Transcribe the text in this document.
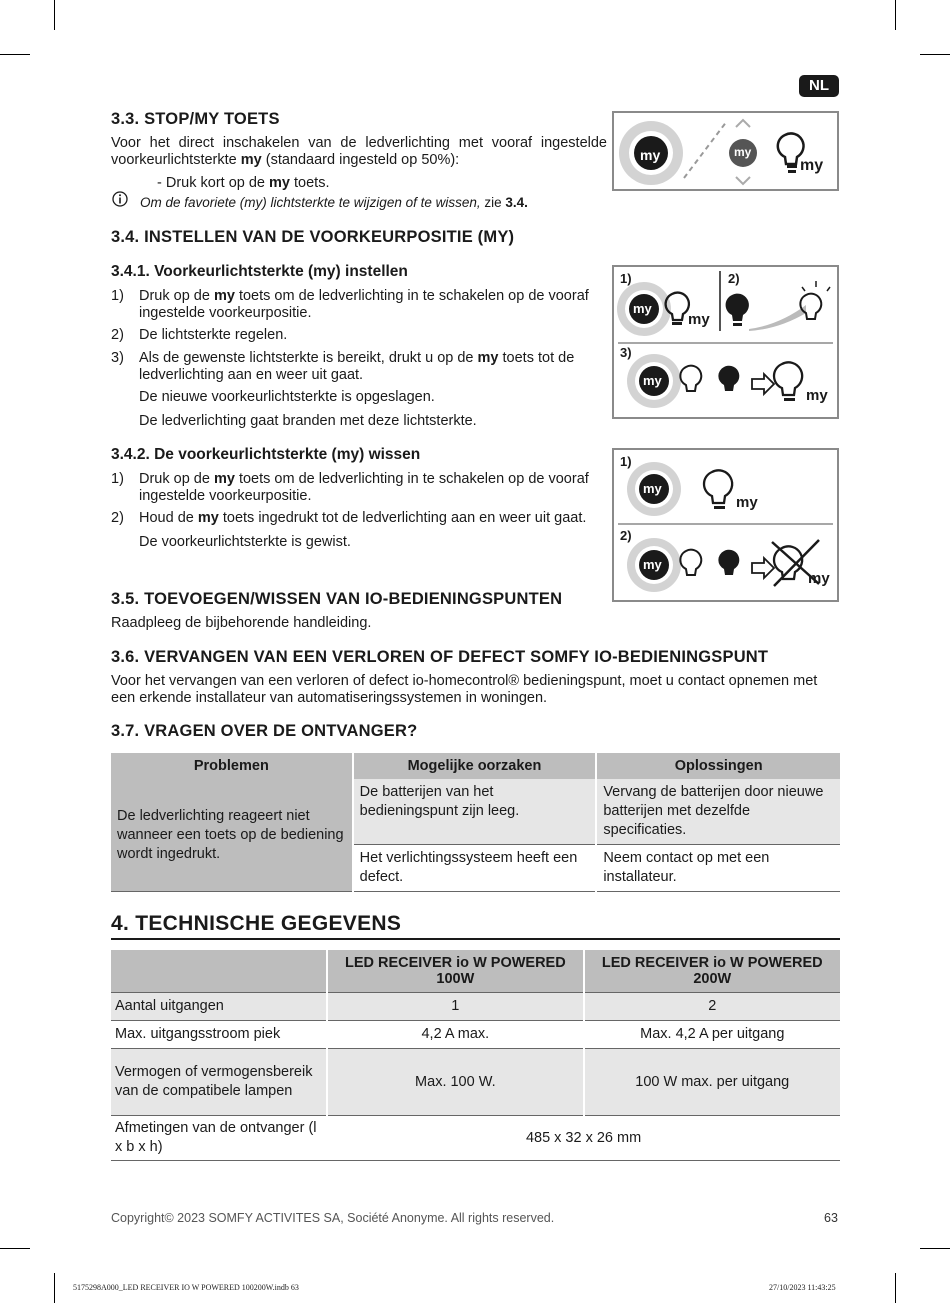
NL
3.3. STOP/MY TOETS
Voor het direct inschakelen van de ledverlichting met vooraf ingestelde voorkeurlichtsterkte my (standaard ingesteld op 50%):
- Druk kort op de my toets.
Om de favoriete (my) lichtsterkte te wijzigen of te wissen, zie 3.4.
my	my
my
3.4. INSTELLEN VAN DE VOORKEURPOSITIE (MY)
3.4.1. Voorkeurlichtsterkte (my) instellen
1) Druk op de my toets om de ledverlichting in te schakelen op de vooraf ingestelde voorkeurpositie.
2) De lichtsterkte regelen.
3) Als de gewenste lichtsterkte is bereikt, drukt u op de my toets tot de ledverlichting aan en weer uit gaat.
De nieuwe voorkeurlichtsterkte is opgeslagen.
De ledverlichting gaat branden met deze lichtsterkte.
1)	2)
3)
my
my
my
my
3.4.2. De voorkeurlichtsterkte (my) wissen
1) Druk op de my toets om de ledverlichting in te schakelen op de vooraf ingestelde voorkeurpositie.
2) Houd de my toets ingedrukt tot de ledverlichting aan en weer uit gaat.
De voorkeurlichtsterkte is gewist.
1)
2)
my
my
my
my
3.5. TOEVOEGEN/WISSEN VAN IO-BEDIENINGSPUNTEN
Raadpleeg de bijbehorende handleiding.
3.6. VERVANGEN VAN EEN VERLOREN OF DEFECT SOMFY IO-BEDIENINGSPUNT
Voor het vervangen van een verloren of defect io-homecontrol® bedieningspunt, moet u contact opnemen met een erkende installateur van automatiseringssystemen in woningen.
3.7. VRAGEN OVER DE ONTVANGER?
Problemen	Mogelijke oorzaken	Oplossingen
De ledverlichting reageert niet wanneer een toets op de bediening wordt ingedrukt.	De batterijen van het bedieningspunt zijn leeg.	Vervang de batterijen door nieuwe batterijen met dezelfde specificaties.
	Het verlichtingssysteem heeft een defect.	Neem contact op met een installateur.
4. TECHNISCHE GEGEVENS
	LED RECEIVER io W POWERED 100W	LED RECEIVER io W POWERED 200W
Aantal uitgangen	1	2
Max. uitgangsstroom piek	4,2 A max.	Max. 4,2 A per uitgang
Vermogen of vermogensbereik van de compatibele lampen	Max. 100 W.	100 W max. per uitgang
Afmetingen van de ontvanger (l x b x h)	485 x 32 x 26 mm	
Copyright© 2023 SOMFY ACTIVITES SA, Société Anonyme. All rights reserved.	63
5175298A000_LED RECEIVER IO W POWERED 100200W.indb 63	27/10/2023 11:43:25
